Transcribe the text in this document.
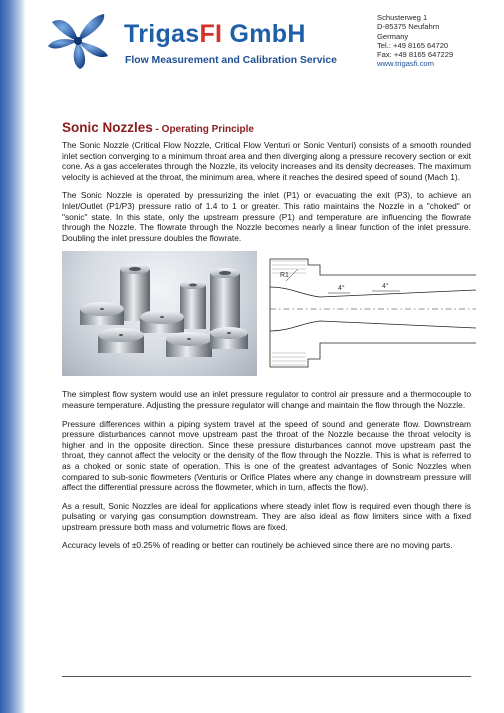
TrigasFI GmbH
Flow Measurement and Calibration Service
Schusterweg 1
D-85375 Neufahrn
Germany
Tel.: +49 8165 64720
Fax: +49 8165 647229
www.trigasfi.com
Sonic Nozzles - Operating Principle

The Sonic Nozzle (Critical Flow Nozzle, Critical Flow Venturi or Sonic Venturi) consists of a smooth rounded inlet section converging to a minimum throat area and then diverging along a pressure recovery section or exit cone. As a gas accelerates through the Nozzle, its velocity increases and its density decreases. The maximum velocity is achieved at the throat, the minimum area, where it reaches the desired speed of sound (Mach 1).

The Sonic Nozzle is operated by pressurizing the inlet (P1) or evacuating the exit (P3), to achieve an Inlet/Outlet (P1/P3) pressure ratio of 1.4 to 1 or greater. This ratio maintains the Nozzle in a "choked" or "sonic" state. In this state, only the upstream pressure (P1) and temperature are influencing the flowrate through the Nozzle. The flowrate through the Nozzle becomes nearly a linear function of the inlet pressure. Doubling the inlet pressure doubles the flowrate.

R1
4°	4°

The simplest flow system would use an inlet pressure regulator to control air pressure and a thermocouple to measure temperature. Adjusting the pressure regulator will change and maintain the flow through the Nozzle.

Pressure differences within a piping system travel at the speed of sound and generate flow. Downstream pressure disturbances cannot move upstream past the throat of the Nozzle because the throat velocity is higher and in the opposite direction. Since these pressure disturbances cannot move upstream past the throat, they cannot affect the velocity or the density of the flow through the Nozzle. This is what is referred to as a choked or sonic state of operation. This is one of the greatest advantages of Sonic Nozzles when compared to sub-sonic flowmeters (Venturis or Orifice Plates where any change in downstream pressure will affect the differential pressure across the flowmeter, which in turn, affects the flow).

As a result, Sonic Nozzles are ideal for applications where steady inlet flow is required even though there is pulsating or varying gas consumption downstream. They are also ideal as flow limiters since with a fixed upstream pressure both mass and volumetric flows are fixed.

Accuracy levels of ±0.25% of reading or better can routinely be achieved since there are no moving parts.
